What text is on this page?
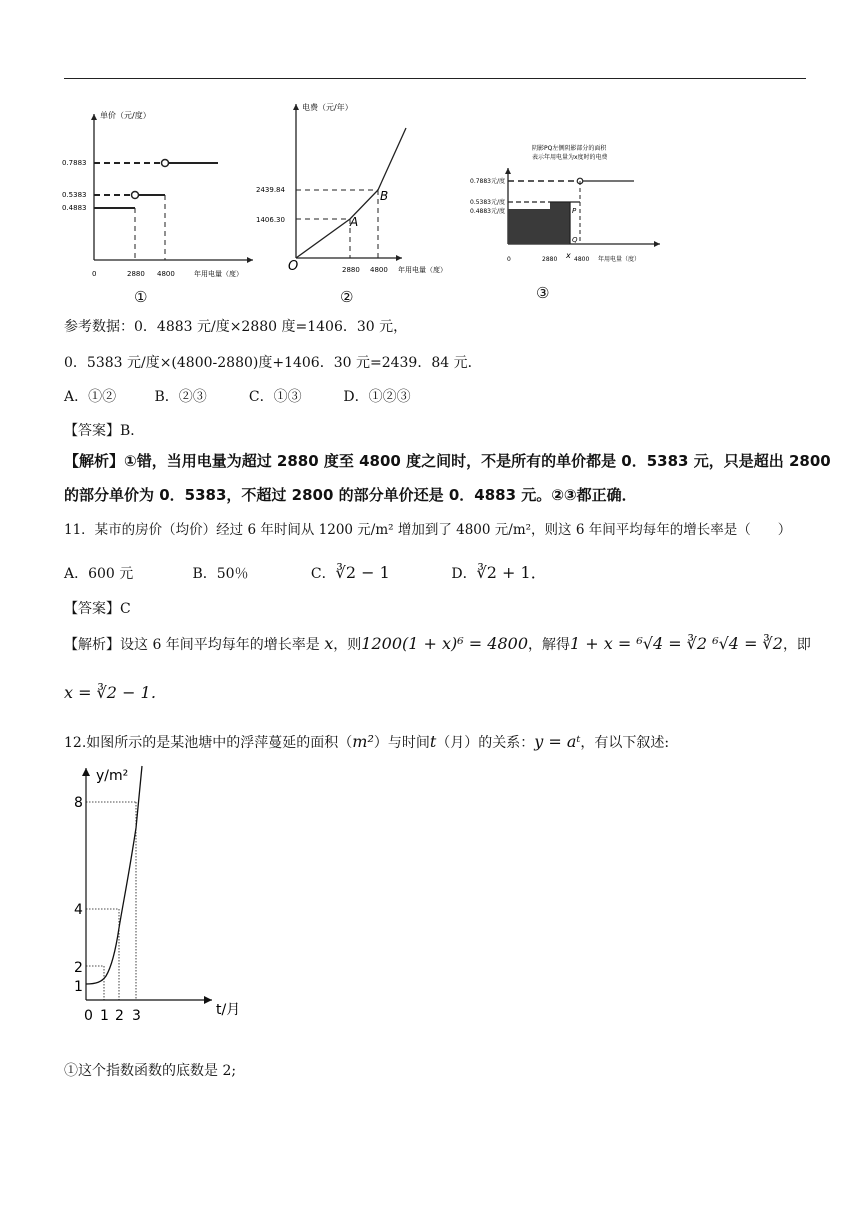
单价（元/度）
0.7883
0.5383
0.4883
0	2880 4800	年用电量（度）
①
电费（元/年）
2439.84
1406.30
2880 4800 年用电量（度）
O
A
B
②
阴影PQ左侧阴影部分的面积
表示年用电量为x度时的电费
0.7883元/度
0.5383元/度
0.4883元/度	P
Q
0	2880 x 4800 年用电量（度）
③
参考数据：0．4883 元/度×2880 度=1406．30 元，
0．5383 元/度×(4800-2880)度+1406．30 元=2439．84 元．
A．①②	B．②③	C．①③	D．①②③
【答案】B．
【解析】①错，当用电量为超过 2880 度至 4800 度之间时，不是所有的单价都是 0．5383 元，只是超出 2800
的部分单价为 0．5383，不超过 2800 的部分单价还是 0．4883 元。②③都正确．
11．某市的房价（均价）经过 6 年时间从 1200 元/m² 增加到了 4800 元/m²，则这 6 年间平均每年的增长率是（　　）
A．600 元	B．50％	C．∛2 − 1	D．∛2 + 1．
【答案】C
【解析】设这 6 年间平均每年的增长率是 x，则1200(1 + x)⁶ = 4800，解得1 + x = ⁶√4 = ∛2 ⁶√4 = ∛2，即
x = ∛2 − 1．
12.如图所示的是某池塘中的浮萍蔓延的面积（m²）与时间t（月）的关系：y = aᵗ，有以下叙述:
y/m²
t/月
8
4
2
1
0 1 2 3
①这个指数函数的底数是 2;
